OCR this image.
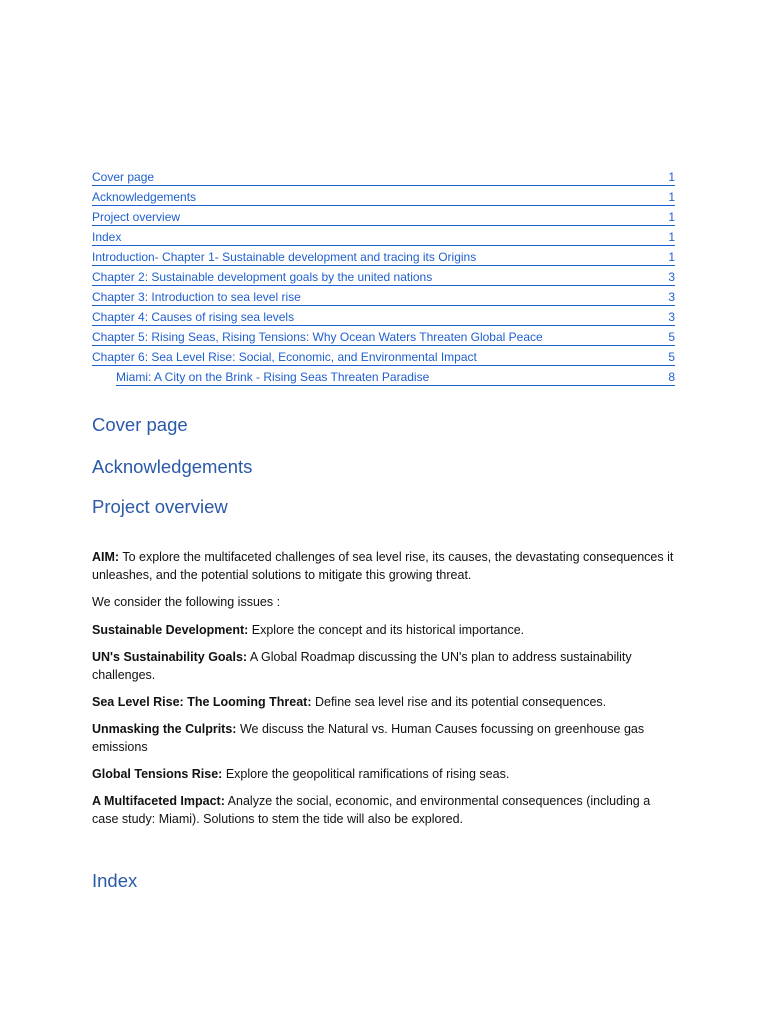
Cover page	1
Acknowledgements	1
Project overview	1
Index	1
Introduction- Chapter 1- Sustainable development and tracing its Origins	1
Chapter 2: Sustainable development goals by the united nations	3
Chapter 3: Introduction to sea level rise	3
Chapter 4: Causes of rising sea levels	3
Chapter 5: Rising Seas, Rising Tensions: Why Ocean Waters Threaten Global Peace	5
Chapter 6: Sea Level Rise: Social, Economic, and Environmental Impact	5
Miami: A City on the Brink - Rising Seas Threaten Paradise	8
Cover page
Acknowledgements
Project overview

AIM: To explore the multifaceted challenges of sea level rise, its causes, the devastating consequences it unleashes, and the potential solutions to mitigate this growing threat.

We consider the following issues :

Sustainable Development: Explore the concept and its historical importance.

UN's Sustainability Goals: A Global Roadmap discussing the UN's plan to address sustainability challenges.

Sea Level Rise: The Looming Threat: Define sea level rise and its potential consequences.

Unmasking the Culprits: We discuss the Natural vs. Human Causes focussing on greenhouse gas emissions

Global Tensions Rise: Explore the geopolitical ramifications of rising seas.

A Multifaceted Impact: Analyze the social, economic, and environmental consequences (including a case study: Miami). Solutions to stem the tide will also be explored.

Index
